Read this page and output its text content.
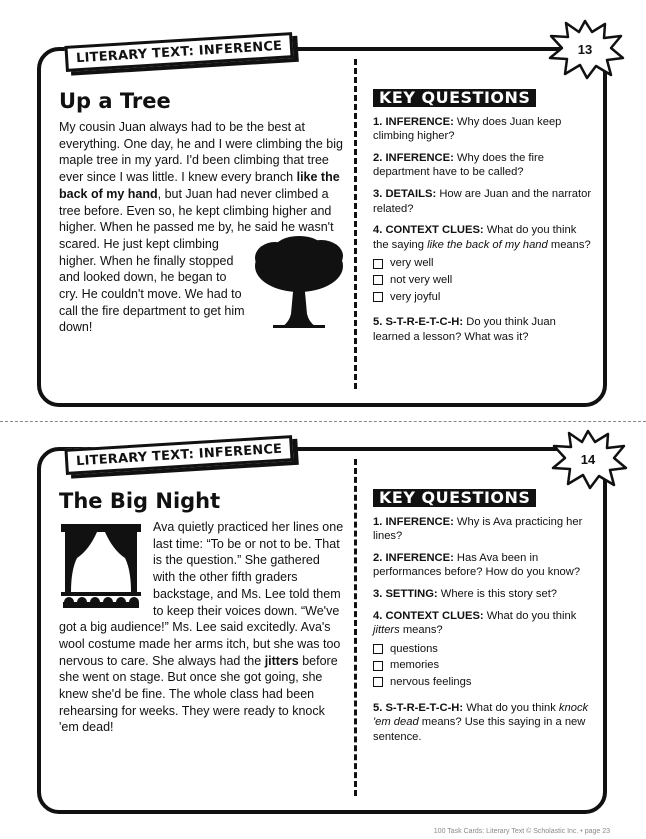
LITERARY TEXT: INFERENCE
Up a Tree
My cousin Juan always had to be the best at everything. One day, he and I were climbing the big maple tree in my yard. I'd been climbing that tree ever since I was little. I knew every branch like the back of my hand, but Juan had never climbed a tree before. Even so, he kept climbing higher and higher. When he passed me by, he said he wasn't scared. He just kept climbing higher. When he finally stopped and looked down, he began to cry. He couldn't move. We had to call the fire department to get him down!
KEY QUESTIONS

1. INFERENCE: Why does Juan keep climbing higher?

2. INFERENCE: Why does the fire department have to be called?

3. DETAILS: How are Juan and the narrator related?

4. CONTEXT CLUES: What do you think the saying like the back of my hand means?

very well
not very well
very joyful

5. S-T-R-E-T-C-H: Do you think Juan learned a lesson? What was it?

13
LITERARY TEXT: INFERENCE
The Big Night
Ava quietly practiced her lines one last time: “To be or not to be. That is the question.” She gathered with the other fifth graders backstage, and Ms. Lee told them to keep their voices down. “We've got a big audience!” Ms. Lee said excitedly. Ava's wool costume made her arms itch, but she was too nervous to care. She always had the jitters before she went on stage. But once she got going, she knew she'd be fine. The whole class had been rehearsing for weeks. They were ready to knock 'em dead!
KEY QUESTIONS

1. INFERENCE: Why is Ava practicing her lines?

2. INFERENCE: Has Ava been in performances before? How do you know?

3. SETTING: Where is this story set?

4. CONTEXT CLUES: What do you think jitters means?

questions
memories
nervous feelings

5. S-T-R-E-T-C-H: What do you think knock 'em dead means? Use this saying in a new sentence.

14
100 Task Cards: Literary Text © Scholastic Inc. • page 23
